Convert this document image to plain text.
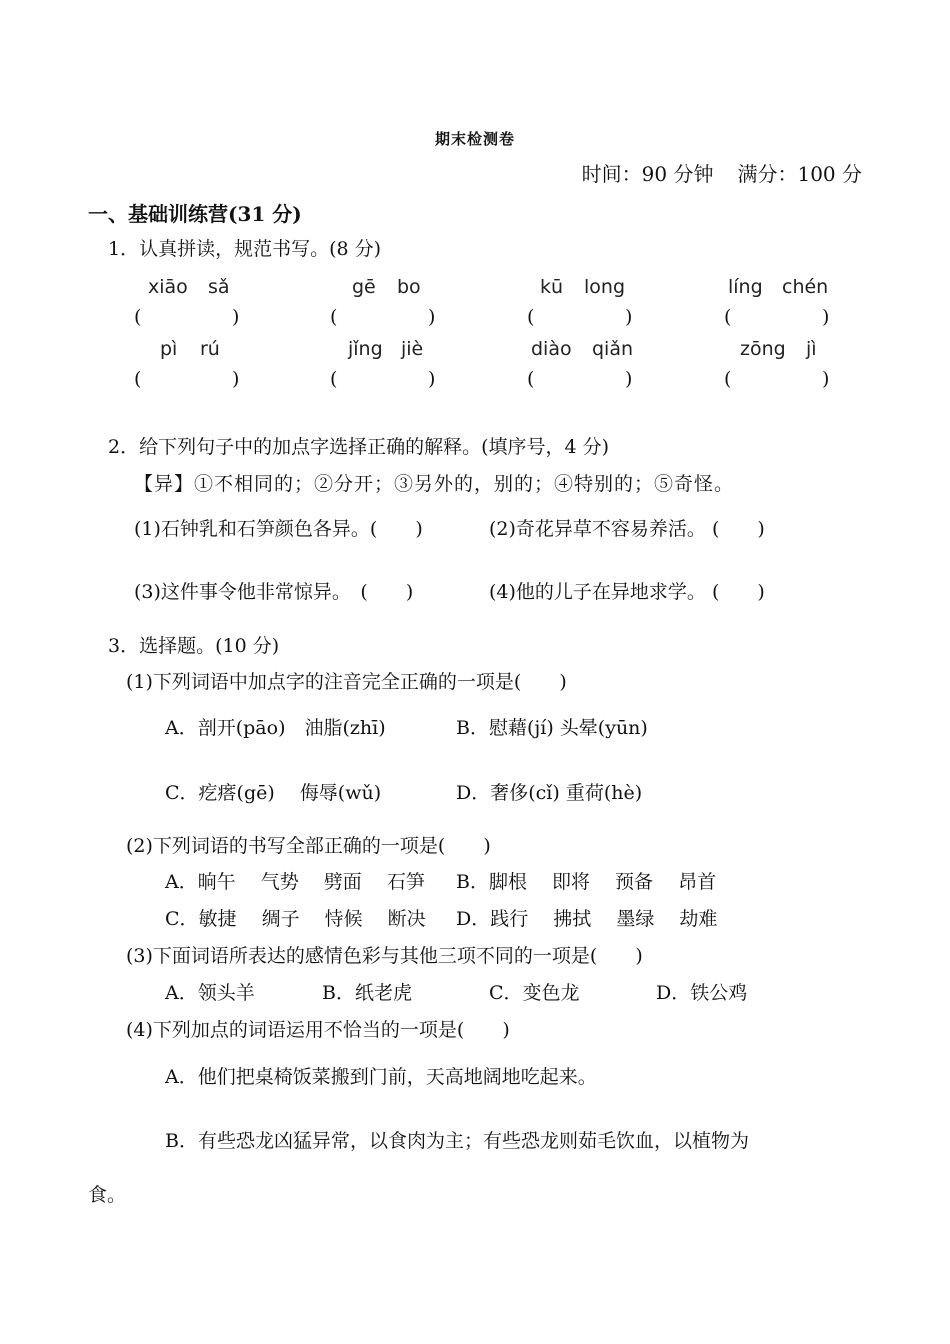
期末检测卷
时间：90 分钟 满分：100 分
一、基础训练营(31 分)
1．认真拼读，规范书写。(8 分)
xiāo sǎ	gē bo	kū long	líng chén
(	)	(	)	(	)	(	)
pì rú	jǐng jiè	diào qiǎn	zōng jì
(	)	(	)	(	)	(	)
2．给下列句子中的加点字选择正确的解释。(填序号，4 分)
【异】①不相同的；②分开；③另外的，别的；④特别的；⑤奇怪。
(1)石钟乳和石笋颜色各异。(　　)	(2)奇花异草不容易养活。 (　　)
(3)这件事令他非常惊异。　(　　)	(4)他的儿子在异地求学。 (　　)
3．选择题。(10 分)
(1)下列词语中加点字的注音完全正确的一项是(　　)
A．剖开(pāo)　油脂(zhī)	B．慰藉(jí) 头晕(yūn)
C．疙瘩(gē)　 侮辱(wǔ)	D．奢侈(cǐ) 重荷(hè)
(2)下列词语的书写全部正确的一项是(　　)
A．晌午　 气势　 劈面　 石笋 B．脚根　 即将　 预备　 昂首
C．敏捷　 绸子　 恃候　 断决 D．践行　 拂拭　 墨绿　 劫难
(3)下面词语所表达的感情色彩与其他三项不同的一项是(　　)
A．领头羊	B．纸老虎	C．变色龙	D．铁公鸡
(4)下列加点的词语运用不恰当的一项是(　　)
A．他们把桌椅饭菜搬到门前，天高地阔地吃起来。
B．有些恐龙凶猛异常，以食肉为主；有些恐龙则茹毛饮血，以植物为
食。
